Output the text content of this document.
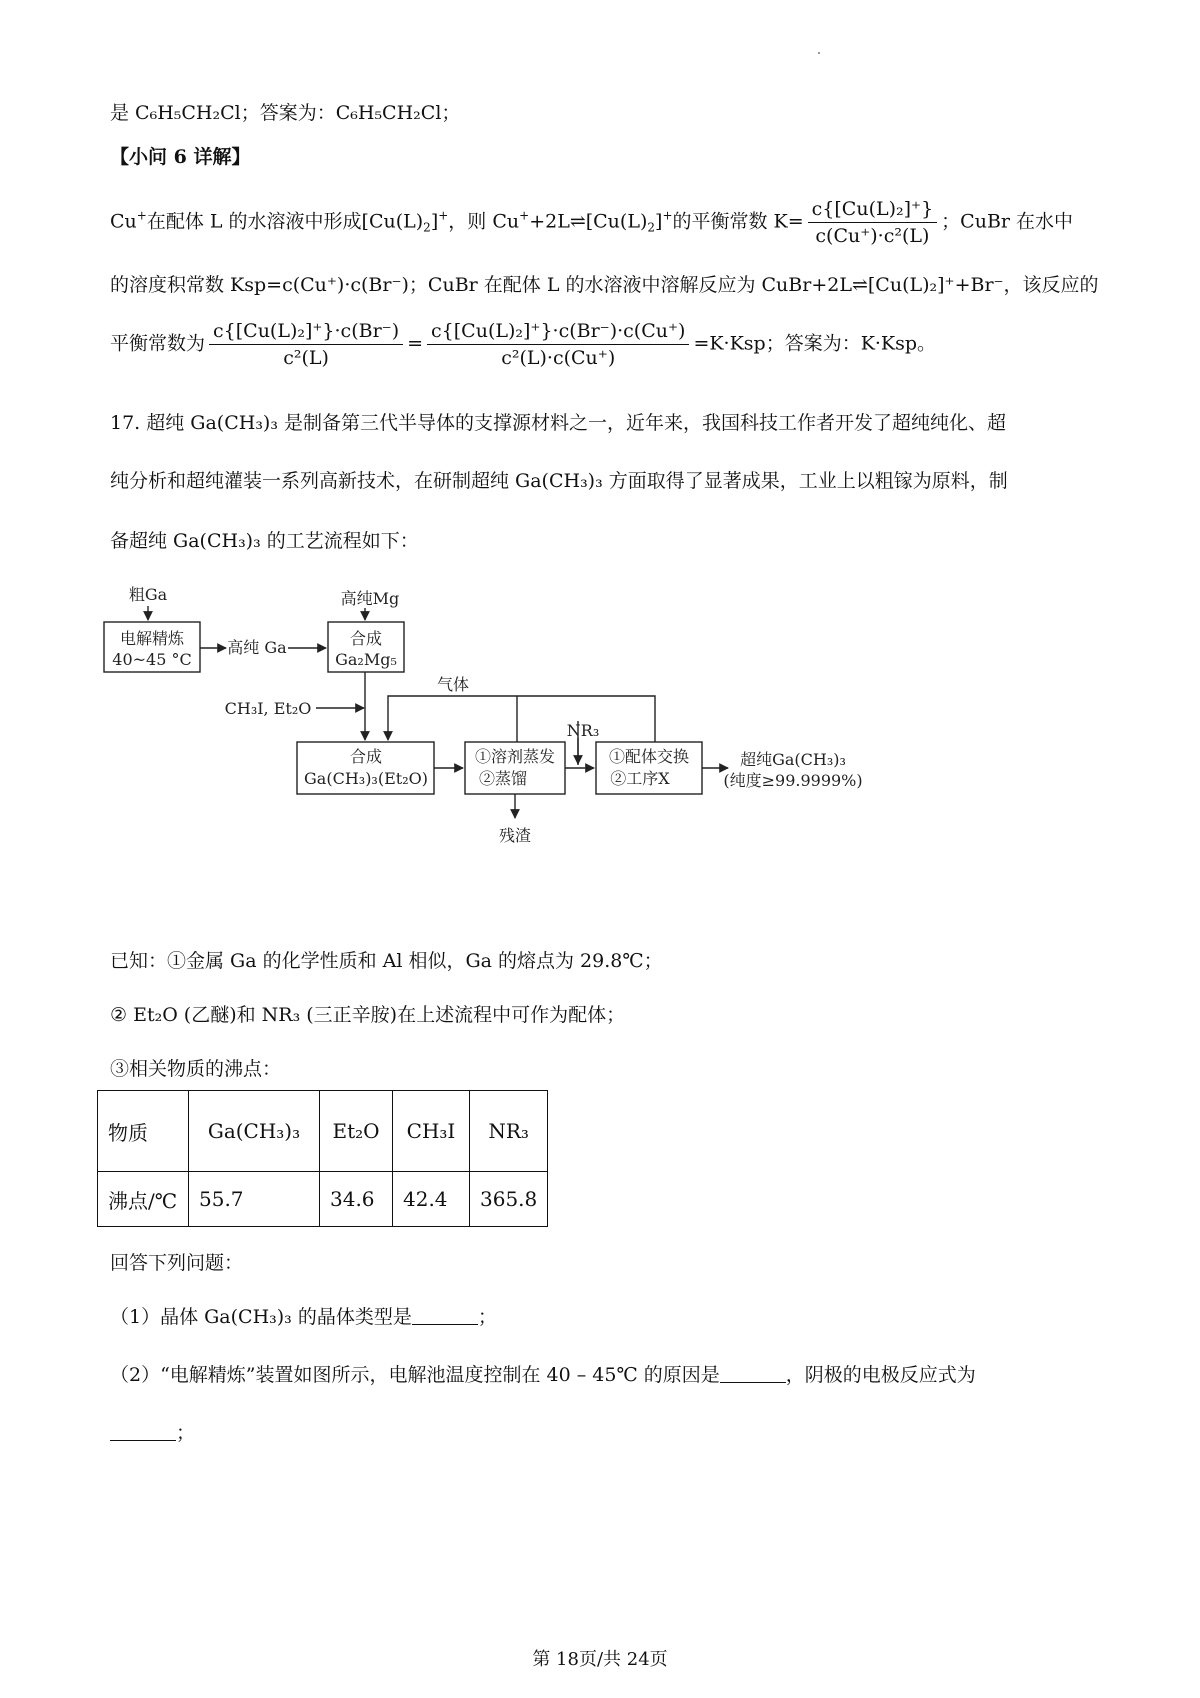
是 C₆H₅CH₂Cl；答案为：C₆H₅CH₂Cl；
【小问 6 详解】
Cu+在配体 L 的水溶液中形成$[Cu(L)_2]^+$，则 $Cu^++2L\rightleftharpoons[Cu(L)_2]^+$的平衡常数 $K= \frac{\text{c\{[Cu(L)₂]⁺\}}}{\text{c(Cu⁺)·c²(L)}}$ ；CuBr 在水中
的溶度积常数 Ksp=c(Cu⁺)·c(Br⁻)；CuBr 在配体 L 的水溶液中溶解反应为 CuBr+2L⇌[Cu(L)₂]⁺+Br⁻，该反应的
平衡常数为 $\frac{\text{c\{[Cu(L)₂]⁺\}·c(Br⁻)}}{\text{c²(L)}} = \frac{\text{c\{[Cu(L)₂]⁺\}·c(Br⁻)·c(Cu⁺)}}{\text{c²(L)·c(Cu⁺)}} =K\cdot Ksp$；答案为：K·Ksp。
17. 超纯 Ga(CH₃)₃ 是制备第三代半导体的支撑源材料之一，近年来，我国科技工作者开发了超纯纯化、超
纯分析和超纯灌装一系列高新技术，在研制超纯 Ga(CH₃)₃ 方面取得了显著成果，工业上以粗镓为原料，制
备超纯 Ga(CH₃)₃ 的工艺流程如下：
粗Ga
电解精炼
40~45 °C
高纯 Ga
高纯Mg
合成
Ga₂Mg₅
气体
CH₃I, Et₂O
合成
Ga(CH₃)₃(Et₂O)
①溶剂蒸发
②蒸馏
NR₃
①配体交换
②工序X
残渣
超纯Ga(CH₃)₃
(纯度≥99.9999%)
已知：①金属 Ga 的化学性质和 Al 相似，Ga 的熔点为 29.8℃；
② Et₂O (乙醚)和 NR₃ (三正辛胺)在上述流程中可作为配体；
③相关物质的沸点：
物质	Ga(CH₃)₃	Et₂O	CH₃I	NR₃
沸点/℃	55.7	34.6	42.4	365.8
回答下列问题：
（1）晶体 Ga(CH₃)₃ 的晶体类型是	；
（2）“电解精炼”装置如图所示，电解池温度控制在 40 – 45℃ 的原因是	，阴极的电极反应式为
；
第 18页/共 24页
